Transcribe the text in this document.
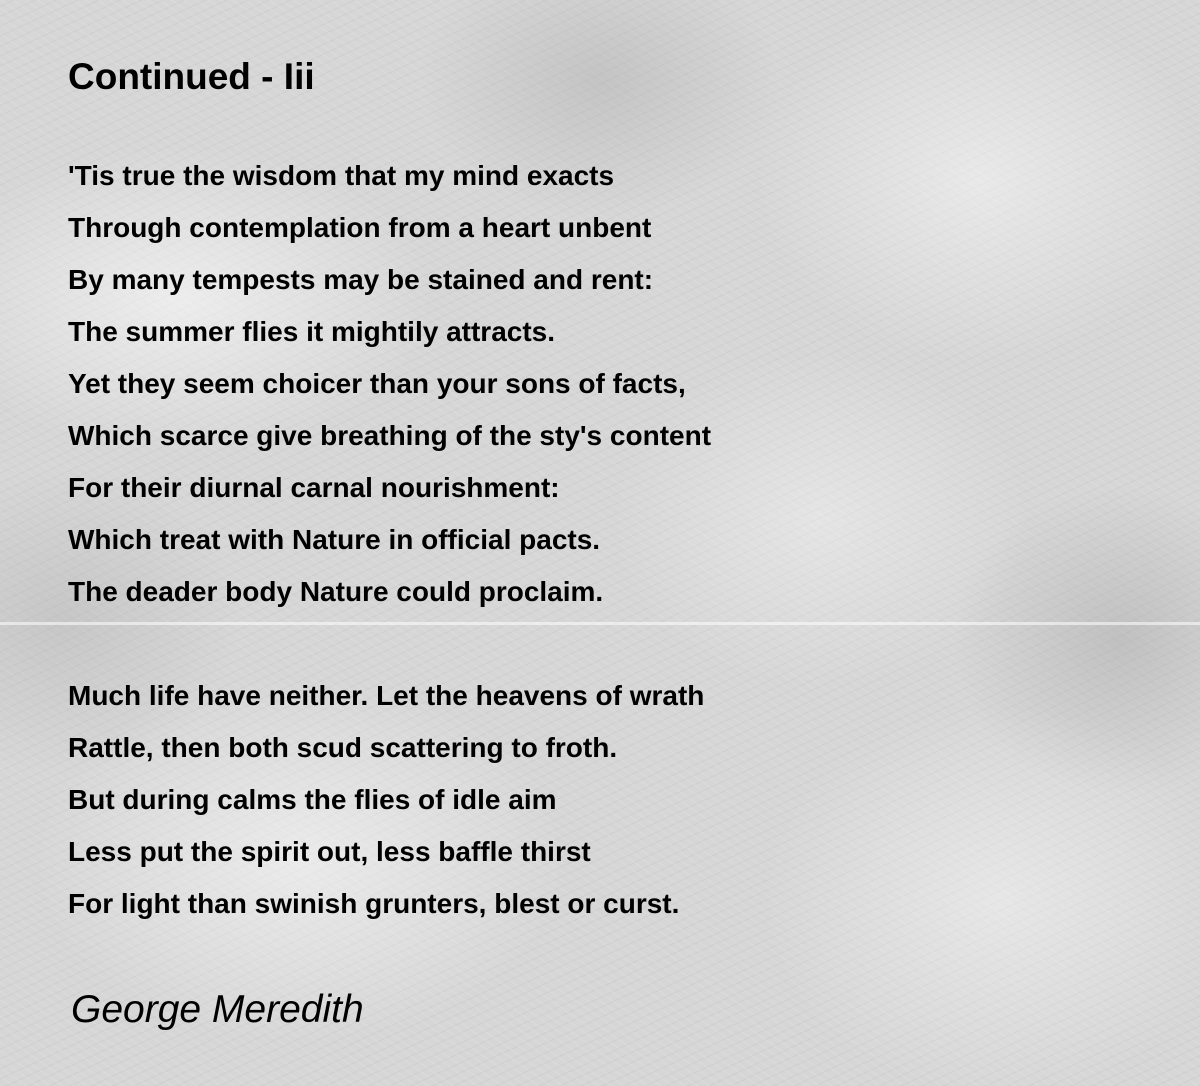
Continued - Iii
'Tis true the wisdom that my mind exacts
Through contemplation from a heart unbent
By many tempests may be stained and rent:
The summer flies it mightily attracts.
Yet they seem choicer than your sons of facts,
Which scarce give breathing of the sty's content
For their diurnal carnal nourishment:
Which treat with Nature in official pacts.
The deader body Nature could proclaim.
Much life have neither. Let the heavens of wrath
Rattle, then both scud scattering to froth.
But during calms the flies of idle aim
Less put the spirit out, less baffle thirst
For light than swinish grunters, blest or curst.
George Meredith
